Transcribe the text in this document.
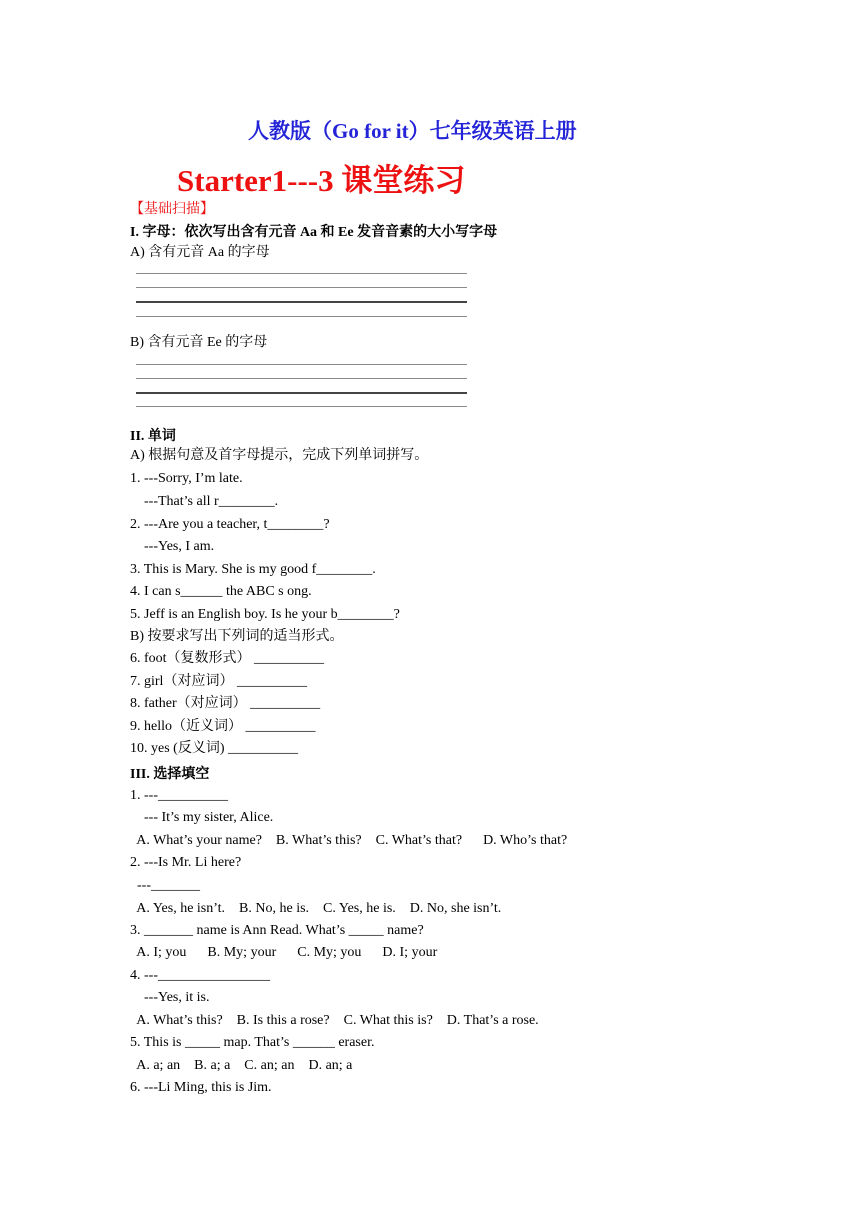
人教版（Go for it）七年级英语上册
Starter1---3 课堂练习
【基础扫描】
I. 字母：依次写出含有元音 Aa 和 Ee 发音音素的大小写字母
A) 含有元音 Aa 的字母
B) 含有元音 Ee 的字母
II. 单词
A) 根据句意及首字母提示，完成下列单词拼写。
1. ---Sorry, I’m late.
---That’s all r________.
2. ---Are you a teacher, t________?
---Yes, I am.
3. This is Mary. She is my good f________.
4. I can s______ the ABC s ong.
5. Jeff is an English boy. Is he your b________?
B) 按要求写出下列词的适当形式。
6. foot（复数形式） __________
7. girl（对应词） __________
8. father（对应词） __________
9. hello（近义词） __________
10. yes (反义词) __________
III. 选择填空
1. ---__________
--- It’s my sister, Alice.
A. What’s your name?    B. What’s this?    C. What’s that?      D. Who’s that?
2. ---Is Mr. Li here?
---_______
A. Yes, he isn’t.    B. No, he is.    C. Yes, he is.    D. No, she isn’t.
3. _______ name is Ann Read. What’s _____ name?
A. I; you      B. My; your      C. My; you      D. I; your
4. ---________________
---Yes, it is.
A. What’s this?    B. Is this a rose?    C. What this is?    D. That’s a rose.
5. This is _____ map. That’s ______ eraser.
A. a; an    B. a; a    C. an; an    D. an; a
6. ---Li Ming, this is Jim.
